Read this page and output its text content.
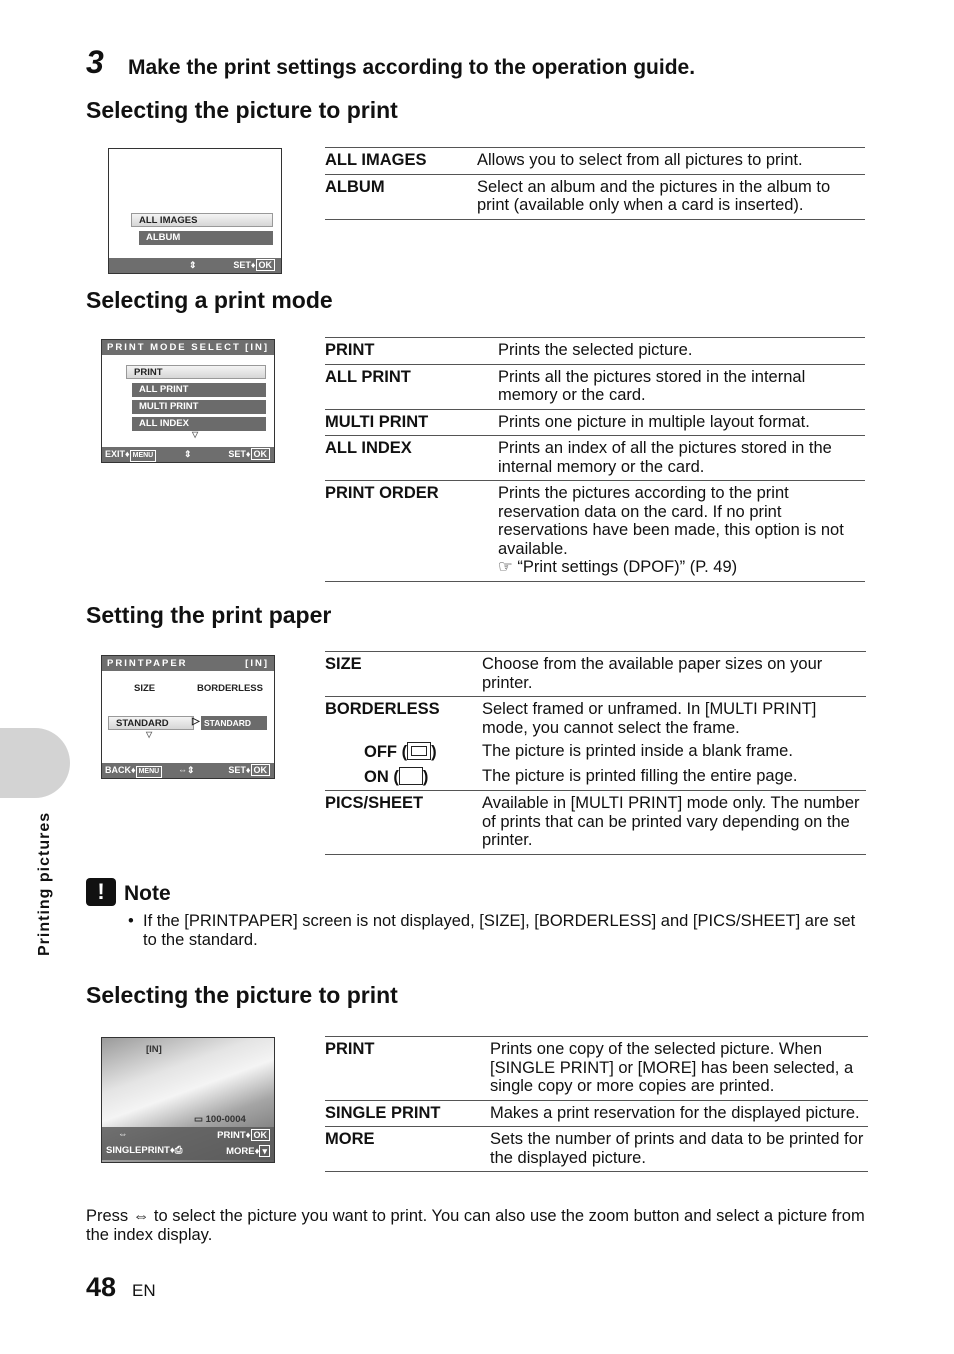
3 Make the print settings according to the operation guide.
Selecting the picture to print
ALL IMAGES
ALBUM
⇕	SET♦ OK
ALL IMAGES	Allows you to select from all pictures to print.
ALBUM	Select an album and the pictures in the album to print (available only when a card is inserted).
Selecting a print mode
PRINT MODE SELECT [IN]
PRINT
ALL PRINT
MULTI PRINT
ALL INDEX
▽
EXIT♦ MENU	⇕	SET♦ OK
PRINT	Prints the selected picture.
ALL PRINT	Prints all the pictures stored in the internal memory or the card.
MULTI PRINT	Prints one picture in multiple layout format.
ALL INDEX	Prints an index of all the pictures stored in the internal memory or the card.
PRINT ORDER	Prints the pictures according to the print reservation data on the card. If no print reservations have been made, this option is not available.
☞ “Print settings (DPOF)” (P. 49)
Setting the print paper
PRINTPAPER	[IN]
SIZE	BORDERLESS
STANDARD	▷ STANDARD
▽
BACK♦ MENU	⇔⇕	SET♦ OK
SIZE	Choose from the available paper sizes on your printer.
BORDERLESS	Select framed or unframed. In [MULTI PRINT] mode, you cannot select the frame.
OFF ( )	The picture is printed inside a blank frame.
ON ( )	The picture is printed filling the entire page.
PICS/SHEET	Available in [MULTI PRINT] mode only. The number of prints that can be printed vary depending on the printer.
Printing pictures	! Note
• If the [PRINTPAPER] screen is not displayed, [SIZE], [BORDERLESS] and [PICS/SHEET] are set to the standard.
Selecting the picture to print
[IN]
▭ 100-0004
⇔	PRINT♦ OK
SINGLEPRINT♦⎙	MORE♦ ▾
PRINT	Prints one copy of the selected picture. When [SINGLE PRINT] or [MORE] has been selected, a single copy or more copies are printed.
SINGLE PRINT	Makes a print reservation for the displayed picture.
MORE	Sets the number of prints and data to be printed for the displayed picture.
Press ⇔ to select the picture you want to print. You can also use the zoom button and select a picture from the index display.
48 EN
